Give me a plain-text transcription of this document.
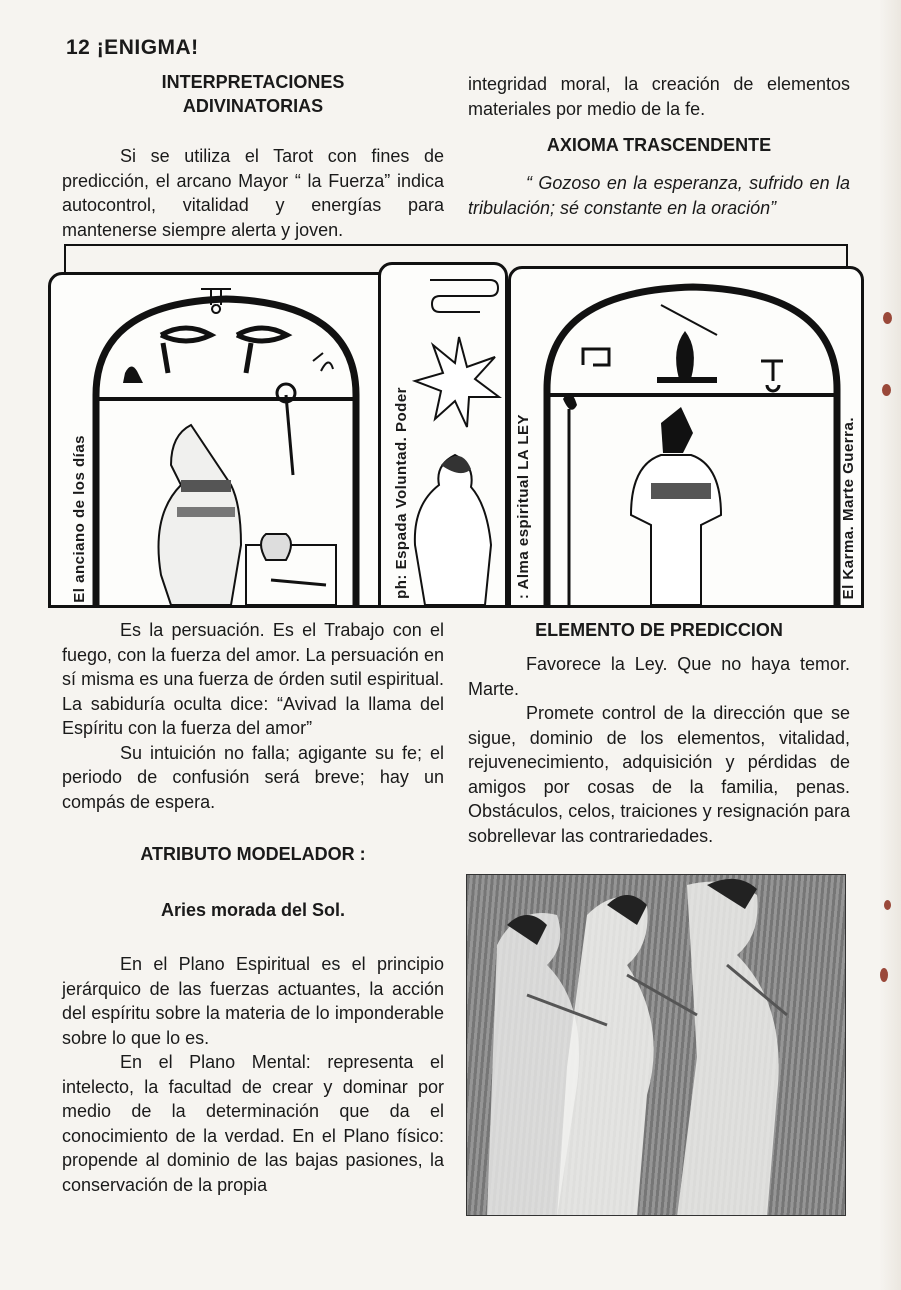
12 ¡ENIGMA!
INTERPRETACIONES
ADIVINATORIAS

Si se utiliza el Tarot con fines de predicción, el arcano Mayor “ la Fuerza” indica autocontrol, vitalidad y energías para mantenerse siempre alerta y joven.

integridad moral, la creación de elementos materiales por medio de la fe.

AXIOMA TRASCENDENTE

“ Gozoso en la esperanza, sufrido en la tribulación; sé constante en la oración”

El anciano de los días	ph: Espada Voluntad. Poder	: Alma espiritual LA LEY	El Karma. Marte Guerra.

Es la persuación. Es el Trabajo con el fuego, con la fuerza del amor. La persuación en sí misma es una fuerza de órden sutil espiritual. La sabiduría oculta dice: “Avivad la llama del Espíritu con la fuerza del amor”

Su intuición no falla; agigante su fe; el periodo de confusión será breve; hay un compás de espera.

ATRIBUTO MODELADOR :
Aries morada del Sol.

En el Plano Espiritual es el principio jerárquico de las fuerzas actuantes, la acción del espíritu sobre la materia de lo imponderable sobre lo que lo es.

En el Plano Mental: representa el intelecto, la facultad de crear y dominar por medio de la determinación que da el conocimiento de la verdad. En el Plano físico: propende al dominio de las bajas pasiones, la conservación de la propia

ELEMENTO DE PREDICCION

Favorece la Ley. Que no haya temor. Marte.

Promete control de la dirección que se sigue, dominio de los elementos, vitalidad, rejuvenecimiento, adquisición y pérdidas de amigos por cosas de la familia, penas. Obstáculos, celos, traiciones y resignación para sobrellevar las contrariedades.
